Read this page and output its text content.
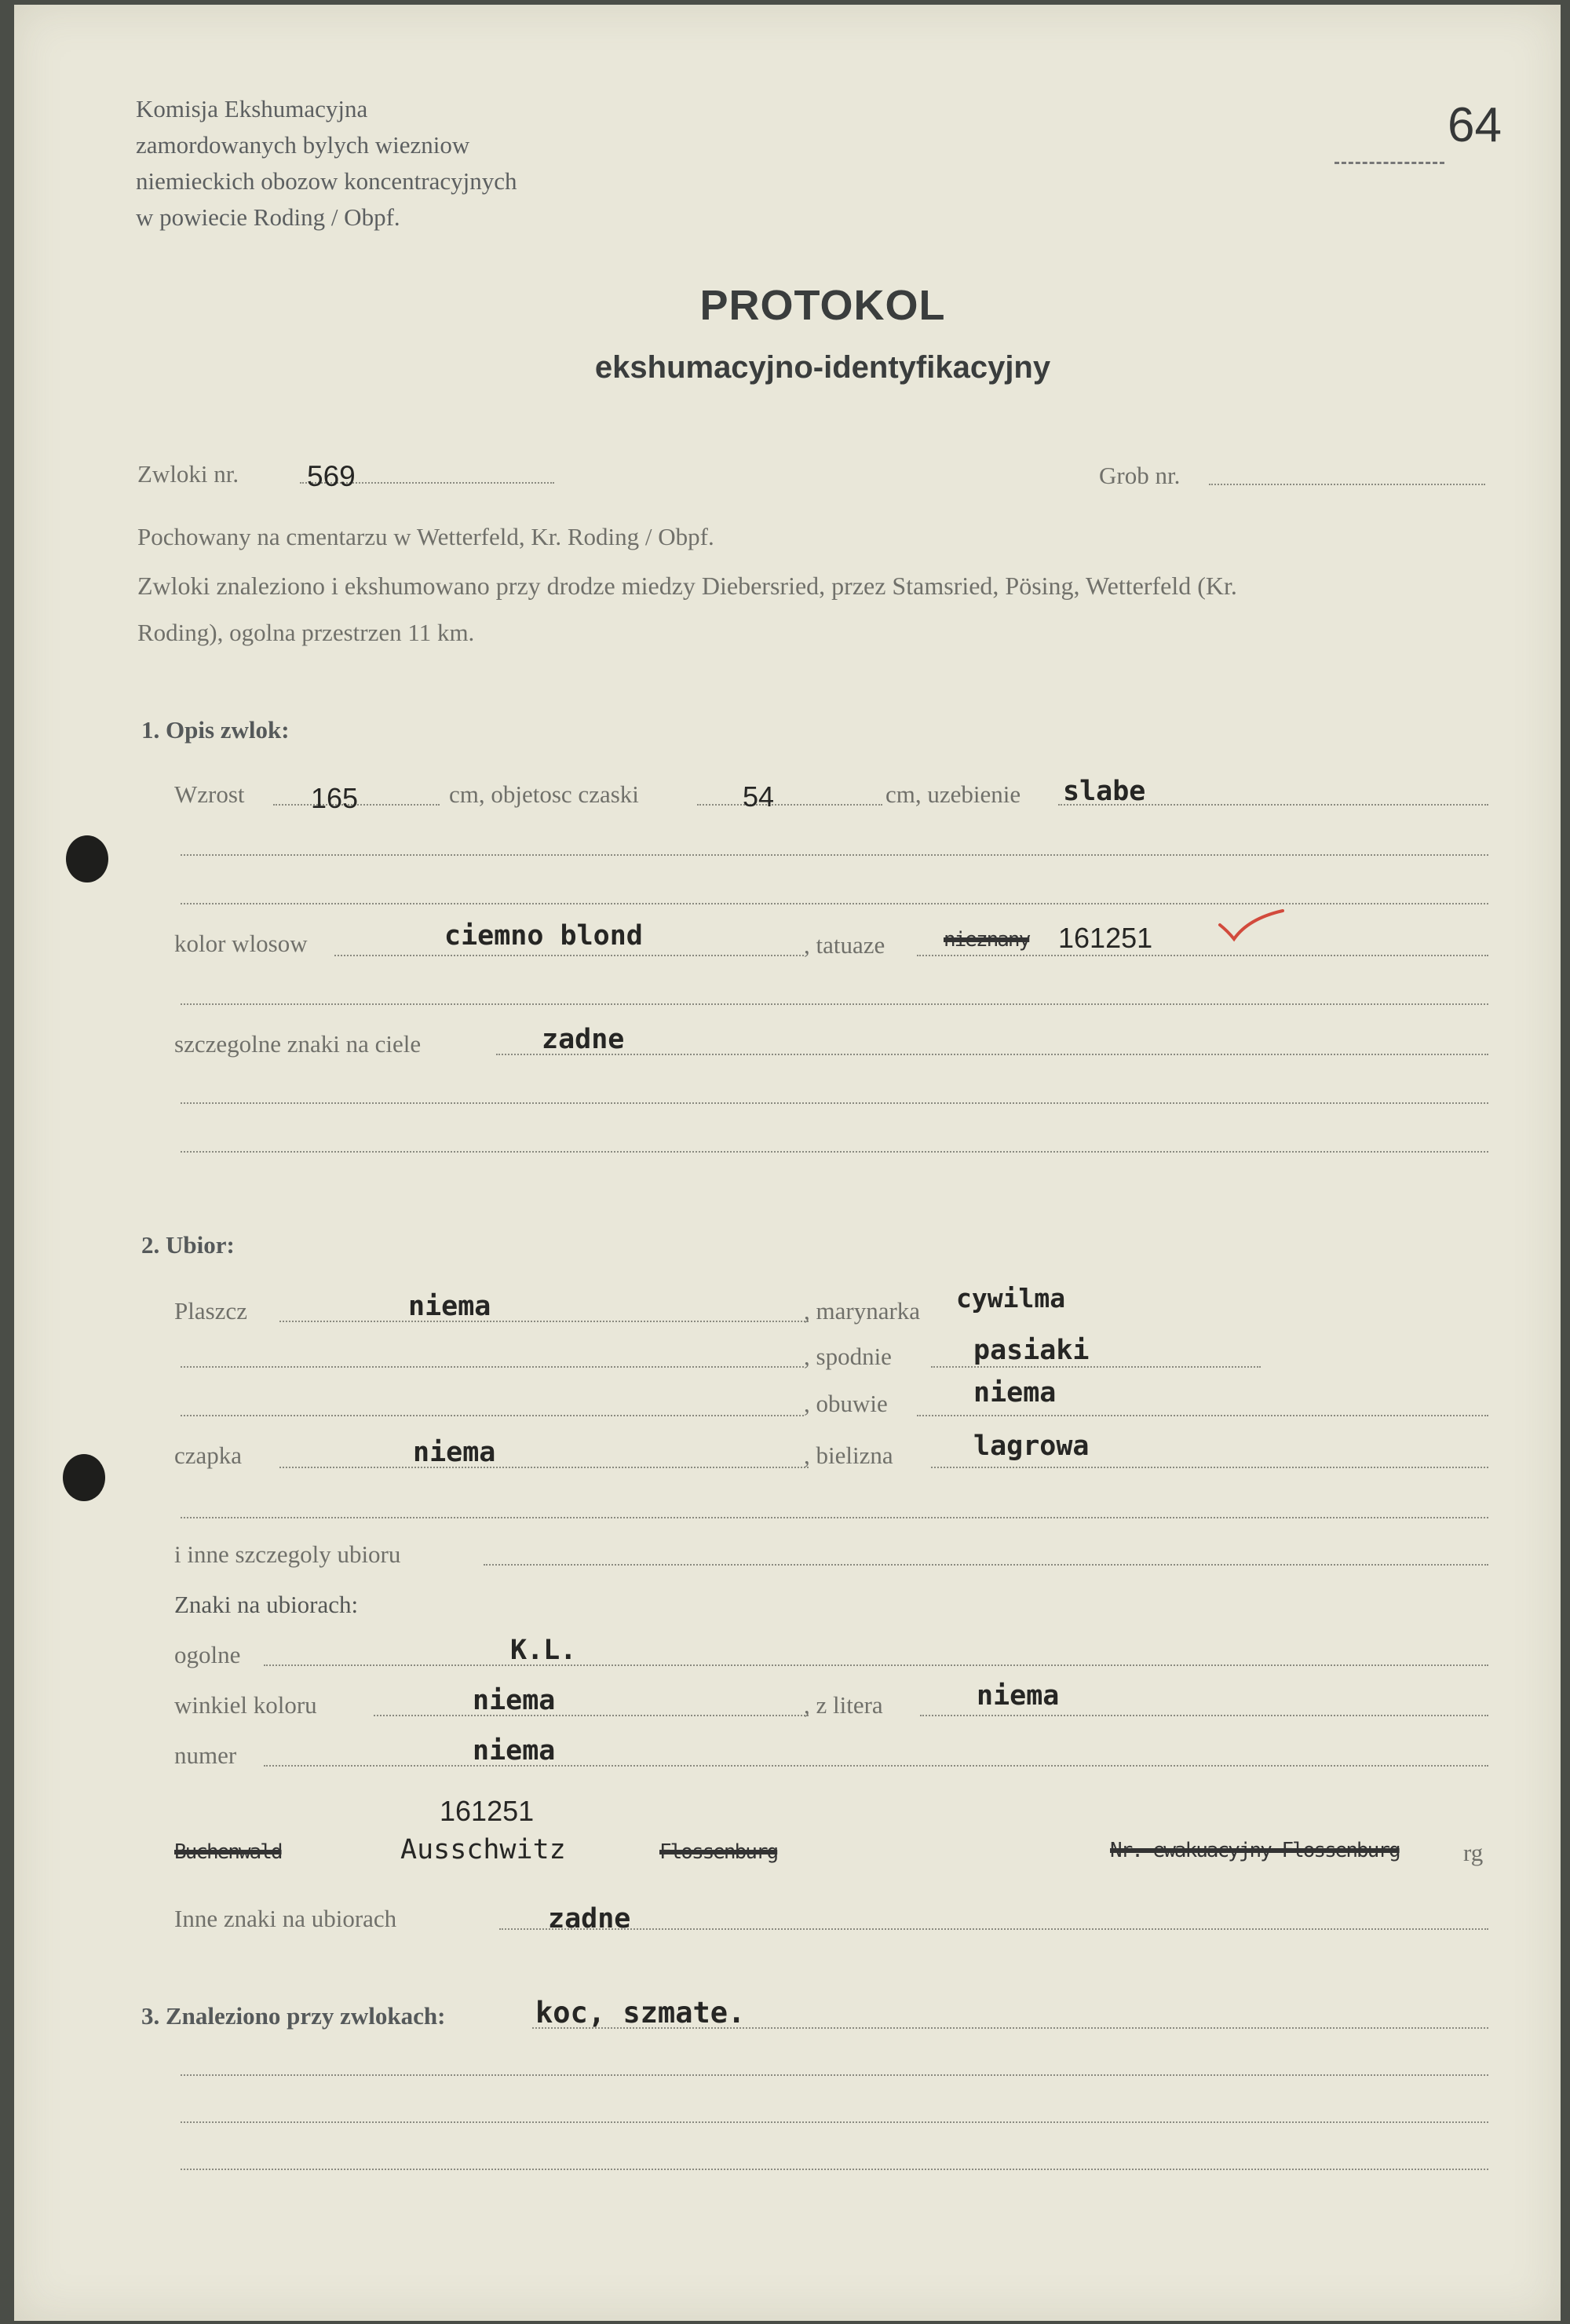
64
Komisja Ekshumacyjna
zamordowanych bylych wiezniow
niemieckich obozow koncentracyjnych
w powiecie Roding / Obpf.
PROTOKOL
ekshumacyjno-identyfikacyjny
Zwloki nr. 569	Grob nr.
Pochowany na cmentarzu w Wetterfeld, Kr. Roding / Obpf.
Zwloki znaleziono i ekshumowano przy drodze miedzy Diebersried, przez Stamsried, Pösing, Wetterfeld (Kr.
Roding), ogolna przestrzen 11 km.
1. Opis zwlok:
Wzrost 165	cm, objetosc czaski	54	cm, uzebienie slabe
kolor wlosow	ciemno blond	, tatuaze	nieznany 161251
szczegolne znaki na ciele	zadne
2. Ubior:
Plaszcz	niema	, marynarka cywilma
, spodnie	pasiaki
, obuwie	niema
czapka	niema	, bielizna	lagrowa
i inne szczegoly ubioru
Znaki na ubiorach:
ogolne	K.L.
winkiel koloru	niema	, z litera	niema
numer	niema
161251
Buchenwald	Ausschwitz	Flossenburg	Nr. ewakuacyjny Flossenburg	rg
Inne znaki na ubiorach	zadne
3. Znaleziono przy zwlokach:	koc, szmate.
